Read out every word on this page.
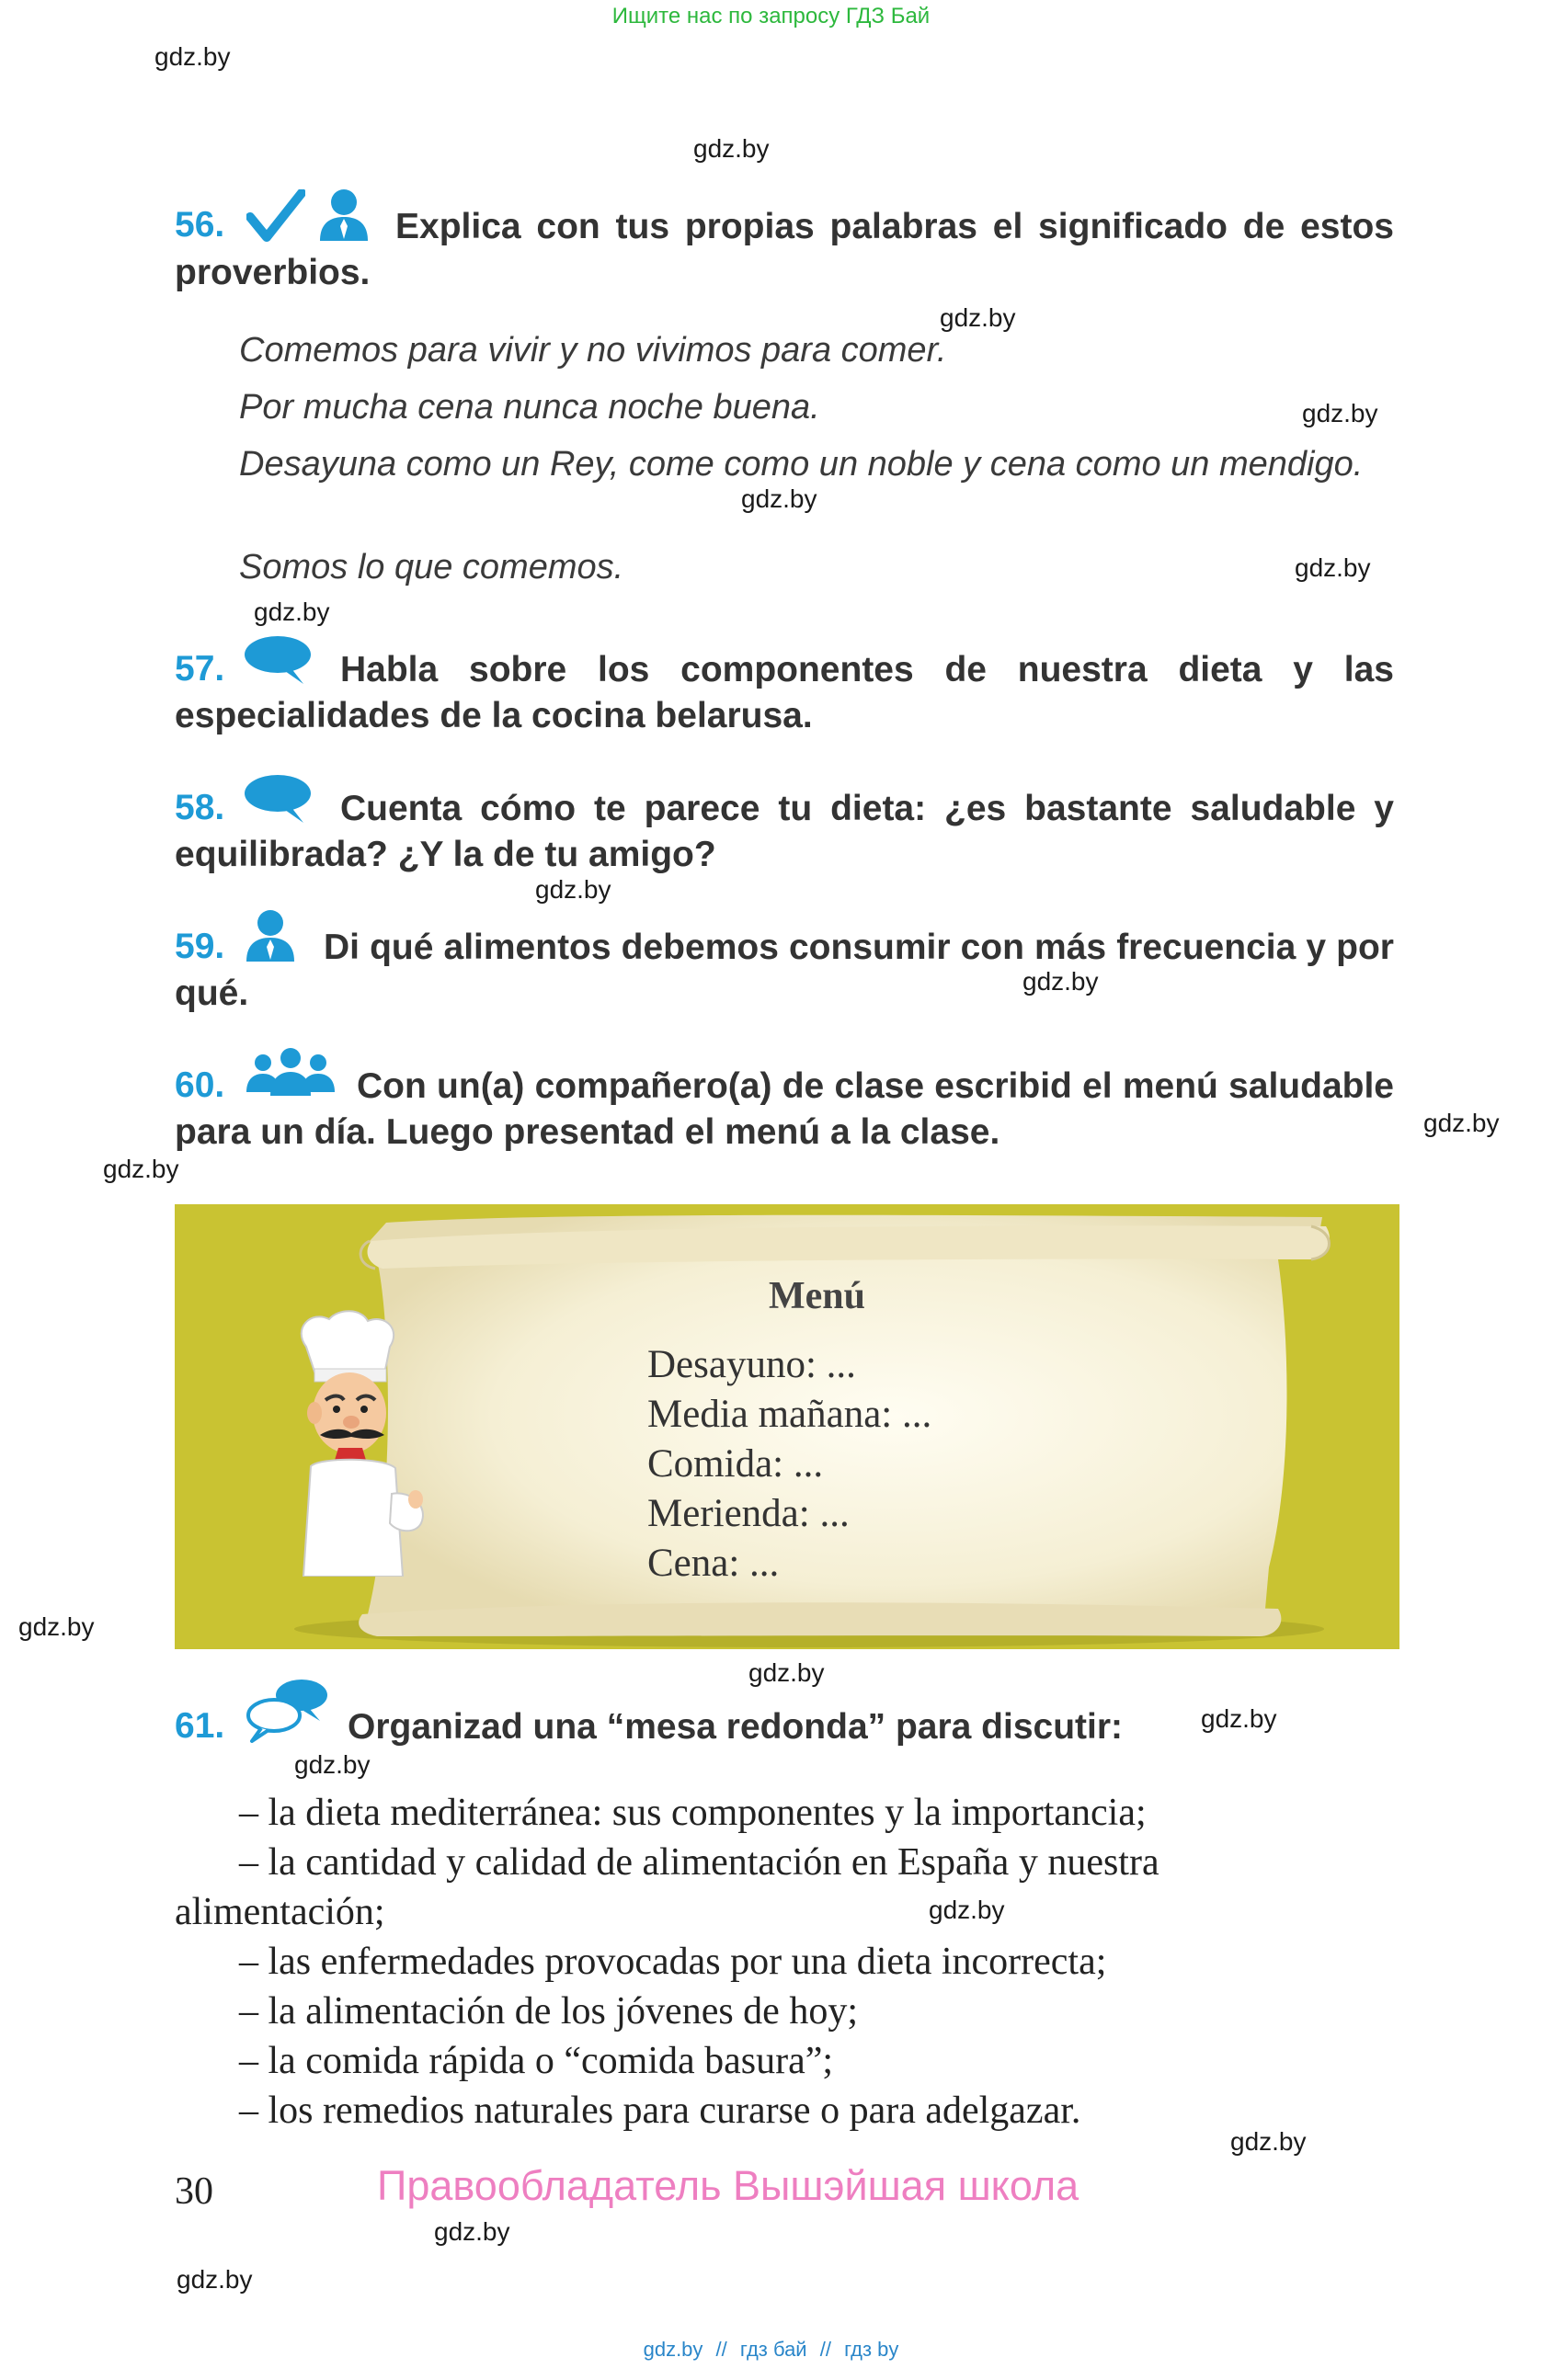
Ищите нас по запросу ГДЗ Бай
gdz.by
gdz.by
gdz.by
gdz.by
gdz.by
gdz.by
gdz.by
gdz.by
gdz.by
gdz.by
gdz.by
gdz.by
gdz.by
gdz.by
gdz.by
gdz.by
gdz.by
gdz.by
gdz.by
56.	Explica con tus propias palabras el significado de estos proverbios.
Comemos para vivir y no vivimos para comer.
Por mucha cena nunca noche buena.
Desayuna como un Rey, come como un noble y cena como un mendigo.
Somos lo que comemos.
57.	Habla sobre los componentes de nuestra dieta y las especialidades de la cocina belarusa.
58.	Cuenta cómo te parece tu dieta: ¿es bastante saludable y equilibrada? ¿Y la de tu amigo?
59.	Di qué alimentos debemos consumir con más frecuencia y por qué.
60.	Con un(a) compañero(a) de clase escribid el menú saludable para un día. Luego presentad el menú a la clase.
Menú
Desayuno: ...
Media mañana: ...
Comida: ...
Merienda: ...
Cena: ...
61.	Organizad una “mesa redonda” para discutir:
– la dieta mediterránea: sus componentes y la importancia;
– la cantidad y calidad de alimentación en España y nuestra
alimentación;
– las enfermedades provocadas por una dieta incorrecta;
– la alimentación de los jóvenes de hoy;
– la comida rápida o “comida basura”;
– los remedios naturales para curarse o para adelgazar.
30	Правообладатель Вышэйшая школа
gdz.by // гдз бай // гдз by
